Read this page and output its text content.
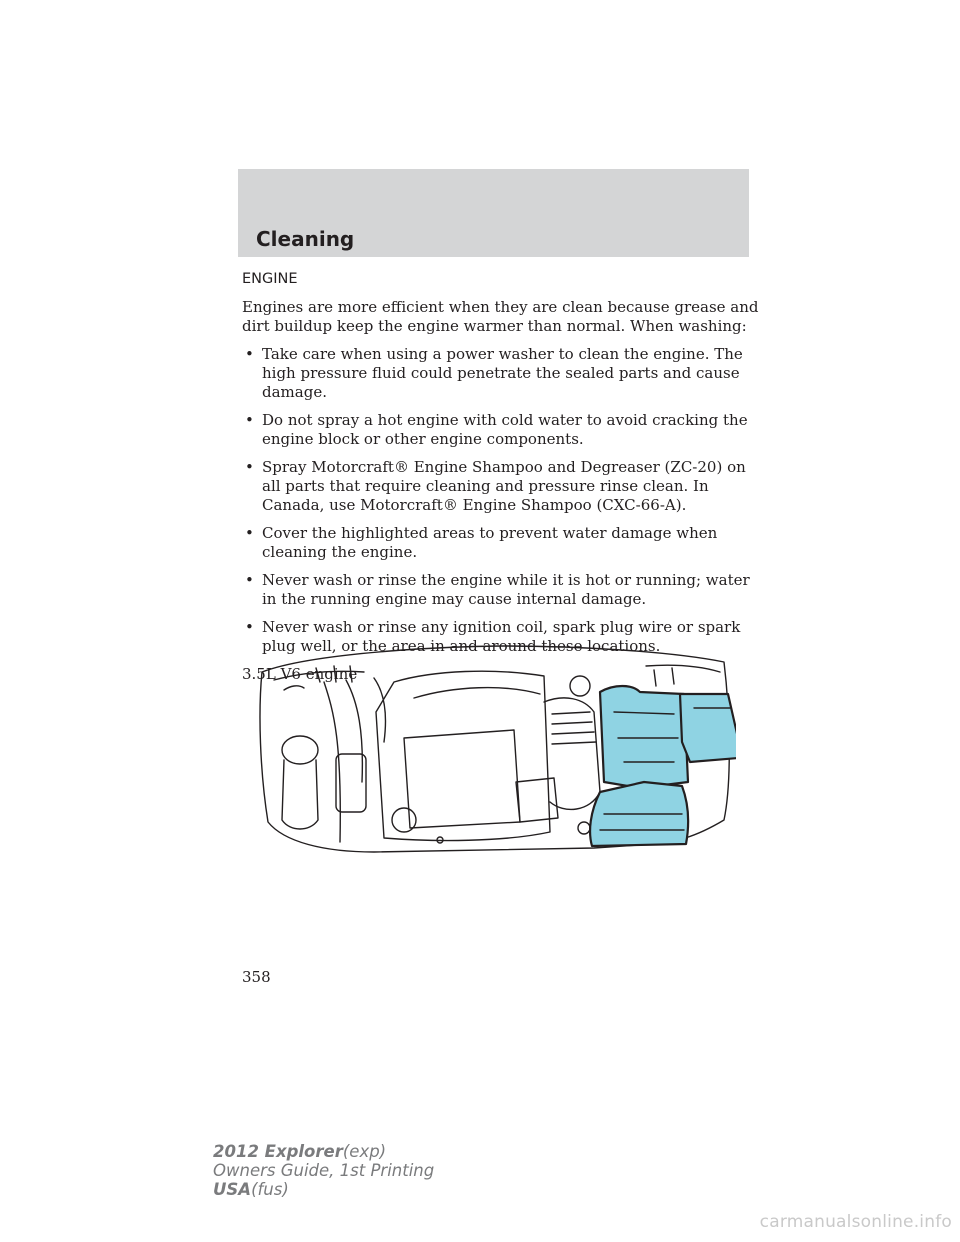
Cleaning
ENGINE

Engines are more efficient when they are clean because grease and dirt buildup keep the engine warmer than normal. When washing:

• Take care when using a power washer to clean the engine. The high pressure fluid could penetrate the sealed parts and cause damage.
• Do not spray a hot engine with cold water to avoid cracking the engine block or other engine components.
• Spray Motorcraft® Engine Shampoo and Degreaser (ZC-20) on all parts that require cleaning and pressure rinse clean. In Canada, use Motorcraft® Engine Shampoo (CXC-66-A).
• Cover the highlighted areas to prevent water damage when cleaning the engine.
• Never wash or rinse the engine while it is hot or running; water in the running engine may cause internal damage.
• Never wash or rinse any ignition coil, spark plug wire or spark plug well, or the area in and around these locations.

3.5L V6 engine

358
2012 Explorer(exp)
Owners Guide, 1st Printing
USA(fus)
carmanualsonline.info
